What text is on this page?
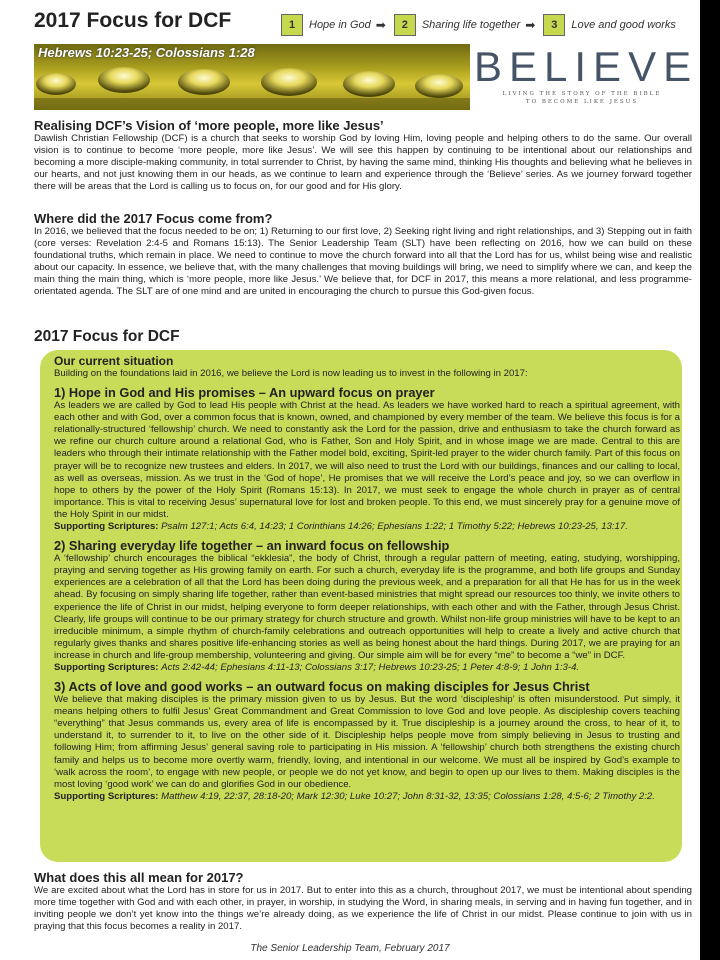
2017 Focus for DCF	1	Hope in God ➡	2	Sharing life together ➡	3	Love and good works
Hebrews 10:23-25; Colossians 1:28	BELIEVE
LIVING THE STORY OF THE BIBLE
TO BECOME LIKE JESUS
Realising DCF’s Vision of ‘more people, more like Jesus’

Dawlish Christian Fellowship (DCF) is a church that seeks to worship God by loving Him, loving people and helping others to do the same. Our overall vision is to continue to become ‘more people, more like Jesus’. We will see this happen by continuing to be intentional about our relationships and becoming a more disciple-making community, in total surrender to Christ, by having the same mind, thinking His thoughts and believing what he believes in our hearts, and not just knowing them in our heads, as we continue to learn and experience through the ‘Believe’ series. As we journey forward together there will be areas that the Lord is calling us to focus on, for our good and for His glory.

Where did the 2017 Focus come from?

In 2016, we believed that the focus needed to be on; 1) Returning to our first love, 2) Seeking right living and right relationships, and 3) Stepping out in faith (core verses: Revelation 2:4-5 and Romans 15:13). The Senior Leadership Team (SLT) have been reflecting on 2016, how we can build on these foundational truths, which remain in place. We need to continue to move the church forward into all that the Lord has for us, whilst being wise and realistic about our capacity. In essence, we believe that, with the many challenges that moving buildings will bring, we need to simplify where we can, and keep the main thing the main thing, which is ‘more people, more like Jesus.’ We believe that, for DCF in 2017, this means a more relational, and less programme-orientated agenda. The SLT are of one mind and are united in encouraging the church to pursue this God-given focus.

2017 Focus for DCF
Our current situation

Building on the foundations laid in 2016, we believe the Lord is now leading us to invest in the following in 2017:

1) Hope in God and His promises – An upward focus on prayer

As leaders we are called by God to lead His people with Christ at the head. As leaders we have worked hard to reach a spiritual agreement, with each other and with God, over a common focus that is known, owned, and championed by every member of the team. We believe this focus is for a relationally-structured ‘fellowship’ church. We need to constantly ask the Lord for the passion, drive and enthusiasm to take the church forward as we refine our church culture around a relational God, who is Father, Son and Holy Spirit, and in whose image we are made. Central to this are leaders who through their intimate relationship with the Father model bold, exciting, Spirit-led prayer to the wider church family. Part of this focus on prayer will be to recognize new trustees and elders. In 2017, we will also need to trust the Lord with our buildings, finances and our calling to local, as well as overseas, mission. As we trust in the ‘God of hope’, He promises that we will receive the Lord’s peace and joy, so we can overflow in hope to others by the power of the Holy Spirit (Romans 15:13). In 2017, we must seek to engage the whole church in prayer as of central importance. This is vital to receiving Jesus’ supernatural love for lost and broken people. To this end, we must sincerely pray for a genuine move of the Holy Spirit in our midst.

Supporting Scriptures: Psalm 127:1; Acts 6:4, 14:23; 1 Corinthians 14:26; Ephesians 1:22; 1 Timothy 5:22; Hebrews 10:23-25, 13:17.
2) Sharing everyday life together – an inward focus on fellowship

A ‘fellowship’ church encourages the biblical “ekklesia”, the body of Christ, through a regular pattern of meeting, eating, studying, worshipping, praying and serving together as His growing family on earth. For such a church, everyday life is the programme, and both life groups and Sunday experiences are a celebration of all that the Lord has been doing during the previous week, and a preparation for all that He has for us in the week ahead. By focusing on simply sharing life together, rather than event-based ministries that might spread our resources too thinly, we invite others to experience the life of Christ in our midst, helping everyone to form deeper relationships, with each other and with the Father, through Jesus Christ. Clearly, life groups will continue to be our primary strategy for church structure and growth. Whilst non-life group ministries will have to be kept to an irreducible minimum, a simple rhythm of church-family celebrations and outreach opportunities will help to create a lively and active church that regularly gives thanks and shares positive life-enhancing stories as well as being honest about the hard things. During 2017, we are praying for an increase in church and life-group membership, volunteering and giving. Our simple aim will be for every “me” to become a “we” in DCF.

Supporting Scriptures: Acts 2:42-44; Ephesians 4:11-13; Colossians 3:17; Hebrews 10:23-25; 1 Peter 4:8-9; 1 John 1:3-4.
3) Acts of love and good works – an outward focus on making disciples for Jesus Christ

We believe that making disciples is the primary mission given to us by Jesus. But the word ‘discipleship’ is often misunderstood. Put simply, it means helping others to fulfil Jesus’ Great Commandment and Great Commission to love God and love people. As discipleship covers teaching “everything” that Jesus commands us, every area of life is encompassed by it. True discipleship is a journey around the cross, to hear of it, to understand it, to surrender to it, to live on the other side of it. Discipleship helps people move from simply believing in Jesus to trusting and following Him; from affirming Jesus’ general saving role to participating in His mission. A ‘fellowship’ church both strengthens the existing church family and helps us to become more overtly warm, friendly, loving, and intentional in our welcome. We must all be inspired by God’s example to ‘walk across the room’, to engage with new people, or people we do not yet know, and begin to open up our lives to them. Making disciples is the most loving ‘good work’ we can do and glorifies God in our obedience.

Supporting Scriptures: Matthew 4:19, 22:37, 28:18-20; Mark 12:30; Luke 10:27; John 8:31-32, 13:35; Colossians 1:28, 4:5-6; 2 Timothy 2:2.
What does this all mean for 2017?

We are excited about what the Lord has in store for us in 2017. But to enter into this as a church, throughout 2017, we must be intentional about spending more time together with God and with each other, in prayer, in worship, in studying the Word, in sharing meals, in serving and in having fun together, and in inviting people we don’t yet know into the things we’re already doing, as we experience the life of Christ in our midst. Please continue to join with us in praying that this focus becomes a reality in 2017.

The Senior Leadership Team, February 2017
